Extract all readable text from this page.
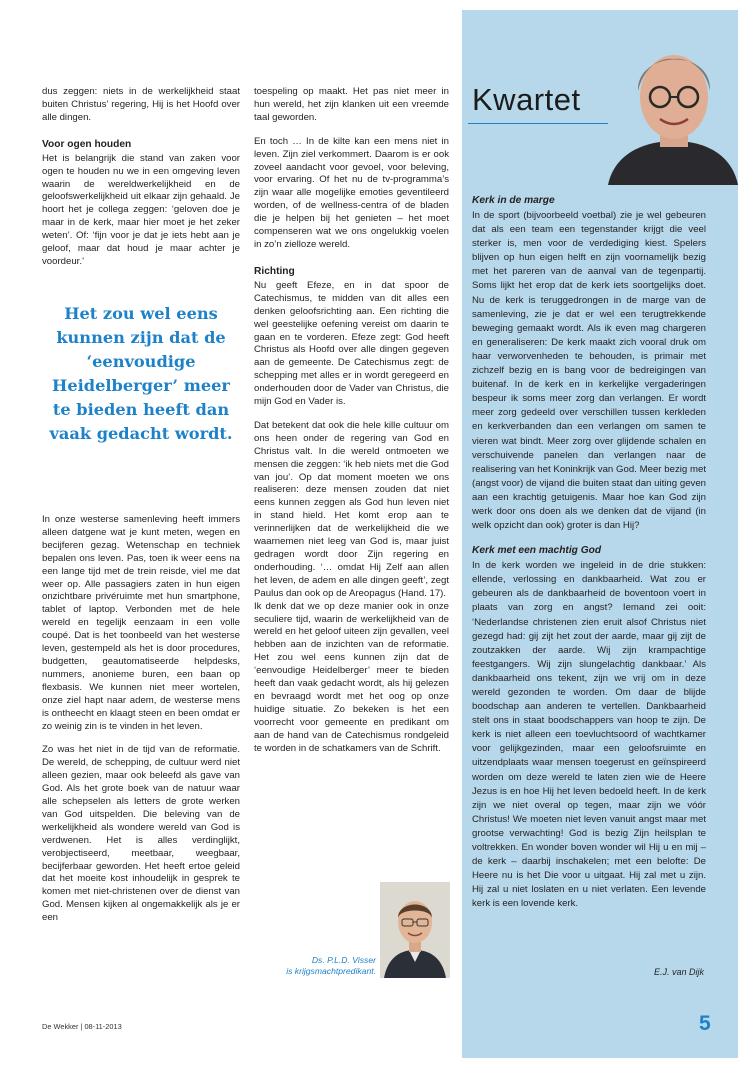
dus zeggen: niets in de werkelijkheid staat buiten Christus’ regering, Hij is het Hoofd over alle dingen.

Voor ogen houden

Het is belangrijk die stand van zaken voor ogen te houden nu we in een omgeving leven waarin de wereldwerkelijkheid en de geloofswerkelijkheid uit elkaar zijn gehaald. Je hoort het je collega zeggen: ‘geloven doe je maar in de kerk, maar hier moet je het zeker weten’. Of: ‘fijn voor je dat je iets hebt aan je geloof, maar dat houd je maar achter je voordeur.’

Het zou wel eens kunnen zijn dat de ‘eenvoudige Heidelberger’ meer te bieden heeft dan vaak gedacht wordt.

In onze westerse samenleving heeft immers alleen datgene wat je kunt meten, wegen en becijferen gezag. Wetenschap en techniek bepalen ons leven. Pas, toen ik weer eens na een lange tijd met de trein reisde, viel me dat weer op. Alle passagiers zaten in hun eigen onzichtbare privéruimte met hun smartphone, tablet of laptop. Verbonden met de hele wereld en tegelijk eenzaam in een volle coupé. Dat is het toonbeeld van het westerse leven, gestempeld als het is door procedures, budgetten, geautomatiseerde helpdesks, nummers, anonieme buren, een baan op flexbasis. We kunnen niet meer wortelen, onze ziel hapt naar adem, de westerse mens is ontheecht en klaagt steen en been omdat er zo weinig zin is te vinden in het leven.

Zo was het niet in de tijd van de reformatie. De wereld, de schepping, de cultuur werd niet alleen gezien, maar ook beleefd als gave van God. Als het grote boek van de natuur waar alle schepselen als letters de grote werken van God uitspelden. Die beleving van de werkelijkheid als wondere wereld van God is verdwenen. Het is alles verdinglijkt, verobjectiseerd, meetbaar, weegbaar, becijferbaar geworden. Het heeft ertoe geleid dat het moeite kost inhoudelijk in gesprek te komen met niet-christenen over de dienst van God. Mensen kijken al ongemakkelijk als je er een

toespeling op maakt. Het pas niet meer in hun wereld, het zijn klanken uit een vreemde taal geworden.

En toch … In de kilte kan een mens niet in leven. Zijn ziel verkommert. Daarom is er ook zoveel aandacht voor gevoel, voor beleving, voor ervaring. Of het nu de tv-programma’s zijn waar alle mogelijke emoties geventileerd worden, of de wellness-centra of de bladen die je helpen bij het genieten – het moet compenseren wat we ons ongelukkig voelen in zo’n zielloze wereld.

Richting

Nu geeft Efeze, en in dat spoor de Catechismus, te midden van dit alles een denken geloofsrichting aan. Een richting die wel geestelijke oefening vereist om daarin te gaan en te vorderen. Efeze zegt: God heeft Christus als Hoofd over alle dingen gegeven aan de gemeente. De Catechismus zegt: de schepping met alles er in wordt geregeerd en onderhouden door de Vader van Christus, die mijn God en Vader is.

Dat betekent dat ook die hele kille cultuur om ons heen onder de regering van God en Christus valt. In die wereld ontmoeten we mensen die zeggen: ‘ik heb niets met die God van jou’. Op dat moment moeten we ons realiseren: deze mensen zouden dat niet eens kunnen zeggen als God hun leven niet in stand hield. Het komt erop aan te verinnerlijken dat de werkelijkheid die we waarnemen niet leeg van God is, maar juist gedragen wordt door Zijn regering en onderhouding. ‘… omdat Hij Zelf aan allen het leven, de adem en alle dingen geeft’, zegt Paulus dan ook op de Areopagus (Hand. 17).

Ik denk dat we op deze manier ook in onze seculiere tijd, waarin de werkelijkheid van de wereld en het geloof uiteen zijn gevallen, veel hebben aan de inzichten van de reformatie. Het zou wel eens kunnen zijn dat de ‘eenvoudige Heidelberger’ meer te bieden heeft dan vaak gedacht wordt, als hij gelezen en bevraagd wordt met het oog op onze huidige situatie. Zo bekeken is het een voorrecht voor gemeente en predikant om aan de hand van de Catechismus rondgeleid te worden in de schatkamers van de Schrift.

Ds. P.L.D. Visser
is krijgsmachtpredikant.
Kwartet
Kerk in de marge

In de sport (bijvoorbeeld voetbal) zie je wel gebeuren dat als een team een tegenstander krijgt die veel sterker is, men voor de verdediging kiest. Spelers blijven op hun eigen helft en zijn voornamelijk bezig met het pareren van de aanval van de tegenpartij. Soms lijkt het erop dat de kerk iets soortgelijks doet. Nu de kerk is teruggedrongen in de marge van de samenleving, zie je dat er wel een terugtrekkende beweging gemaakt wordt. Als ik even mag chargeren en generaliseren: De kerk maakt zich vooral druk om haar verworvenheden te behouden, is primair met zichzelf bezig en is bang voor de bedreigingen van buitenaf. In de kerk en in kerkelijke vergaderingen bespeur ik soms meer zorg dan verlangen. Er wordt meer zorg gedeeld over verschillen tussen kerkleden en kerkverbanden dan een verlangen om samen te vieren wat bindt. Meer zorg over glijdende schalen en verschuivende panelen dan verlangen naar de realisering van het Koninkrijk van God. Meer bezig met (angst voor) de vijand die buiten staat dan uiting geven aan een krachtig getuigenis. Maar hoe kan God zijn werk door ons doen als we denken dat de vijand (in welk opzicht dan ook) groter is dan Hij?

Kerk met een machtig God

In de kerk worden we ingeleid in de drie stukken: ellende, verlossing en dankbaarheid. Wat zou er gebeuren als de dankbaarheid de boventoon voert in plaats van zorg en angst? Iemand zei ooit: ‘Nederlandse christenen zien eruit alsof Christus niet gezegd had: gij zijt het zout der aarde, maar gij zijt de zoutzakken der aarde. Wij zijn krampachtige feestgangers. Wij zijn slungelachtig dankbaar.’ Als dankbaarheid ons tekent, zijn we vrij om in deze wereld gezonden te worden. Om daar de blijde boodschap aan anderen te vertellen. Dankbaarheid stelt ons in staat boodschappers van hoop te zijn. De kerk is niet alleen een toevluchtsoord of wachtkamer voor gelijkgezinden, maar een geloofsruimte en uitzendplaats waar mensen toegerust en geïnspireerd worden om deze wereld te laten zien wie de Heere Jezus is en hoe Hij het leven bedoeld heeft. In de kerk zijn we niet overal op tegen, maar zijn we vóór Christus! We moeten niet leven vanuit angst maar met grootse verwachting! God is bezig Zijn heilsplan te voltrekken. En wonder boven wonder wil Hij u en mij – de kerk – daarbij inschakelen; met een belofte: De Heere nu is het Die voor u uitgaat. Hij zal met u zijn. Hij zal u niet loslaten en u niet verlaten. Een levende kerk is een lovende kerk.

E.J. van Dijk
De Wekker | 08-11-2013	5
